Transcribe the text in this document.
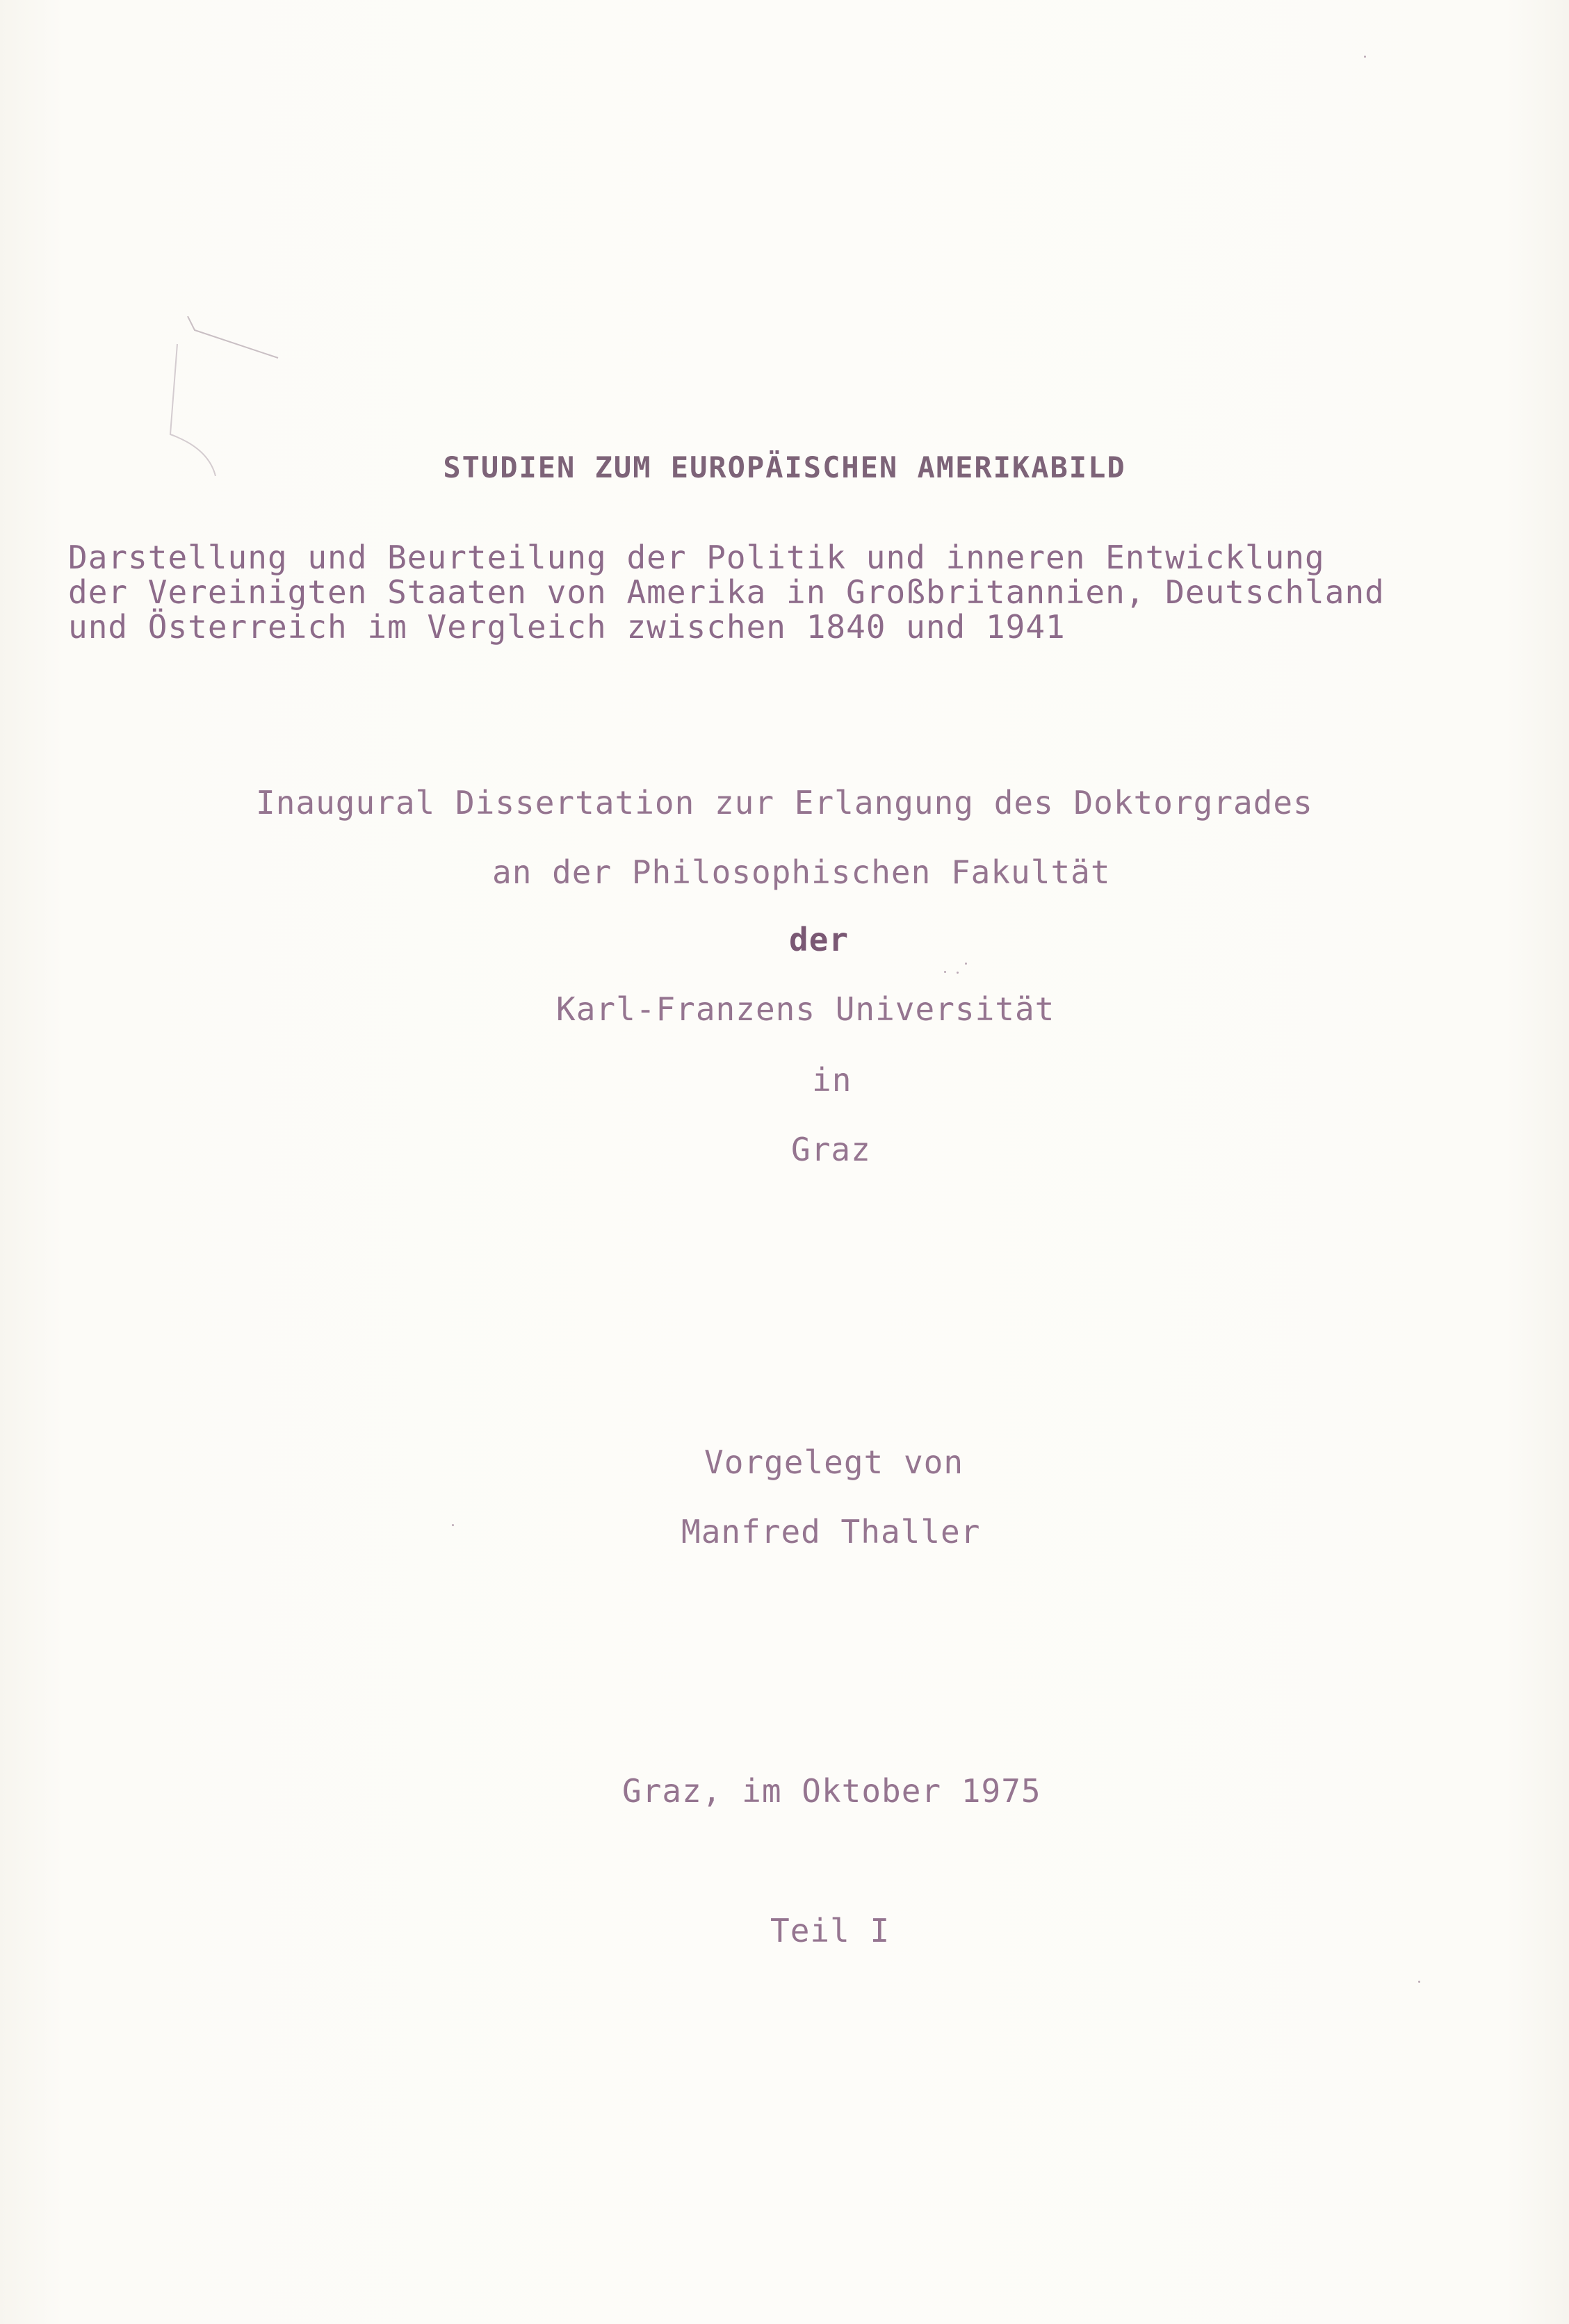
STUDIEN ZUM EUROPÄISCHEN AMERIKABILD
Darstellung und Beurteilung der Politik und inneren Entwicklung
der Vereinigten Staaten von Amerika in Großbritannien, Deutschland
und Österreich im Vergleich zwischen 1840 und 1941
Inaugural Dissertation zur Erlangung des Doktorgrades
an der Philosophischen Fakultät
der
Karl-Franzens Universität
in
Graz
Vorgelegt von
Manfred Thaller
Graz, im Oktober 1975
Teil I
